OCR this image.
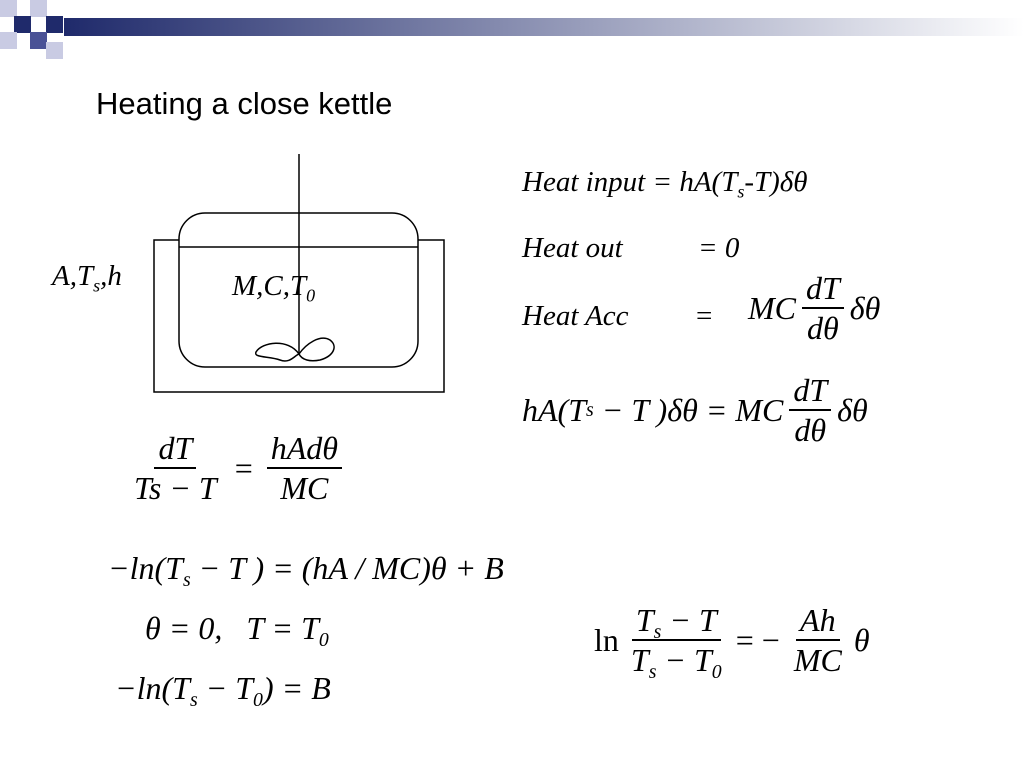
Heating a close kettle
$A,T_s,h$	$M,C,T_0$
Heat input = $hA(T_s-T)\delta\theta$
Heat out	= 0
Heat Acc = MC $\frac{dT}{d\theta}$ δθ
hA(T s − T )δθ = MC $\frac{dT}{d\theta}$ δθ
$\frac{dT}{Ts - T} = \frac{\text{hAdθ}}{MC}$
$-\ln(T_s - T$ ) = (hA / MC)θ + B
θ = 0,   $T = T_0$
$-\ln(T_s - T_0) = B$
$\ln \frac{T_s - T}{T_s - T_0}$ = − $\frac{Ah}{MC}$ θ
